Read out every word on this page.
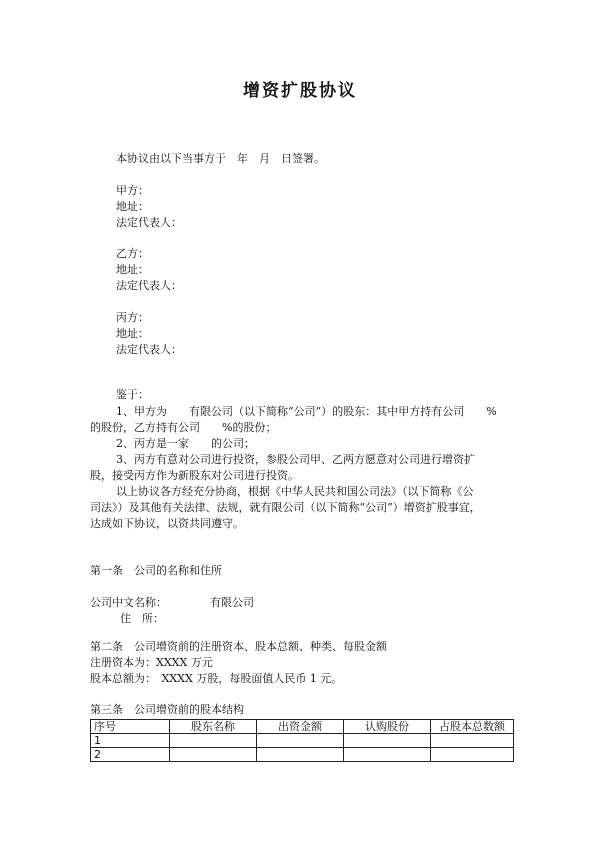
增资扩股协议
本协议由以下当事方于　年　月　日签署。
甲方：
地址：
法定代表人：
乙方：
地址：
法定代表人：
丙方：
地址：
法定代表人：
鉴于：
1、甲方为　　有限公司（以下简称“公司”）的股东：其中甲方持有公司　　%
的股份，乙方持有公司　　%的股份；
2、丙方是一家　　的公司；
3、丙方有意对公司进行投资，参股公司甲、乙两方愿意对公司进行增资扩
股，接受丙方作为新股东对公司进行投资。
以上协议各方经充分协商，根据《中华人民共和国公司法》（以下简称《公
司法》）及其他有关法律、法规，就有限公司（以下简称“公司”）增资扩股事宜，
达成如下协议，以资共同遵守。
第一条　公司的名称和住所
公司中文名称：	有限公司
住　所：
第二条　公司增资前的注册资本、股本总额、种类、每股金额
注册资本为：XXXX 万元
股本总额为：　XXXX 万股，每股面值人民币 1 元。
第三条　公司增资前的股本结构
序号	股东名称	出资金额	认购股份	占股本总数额
1				
2				
